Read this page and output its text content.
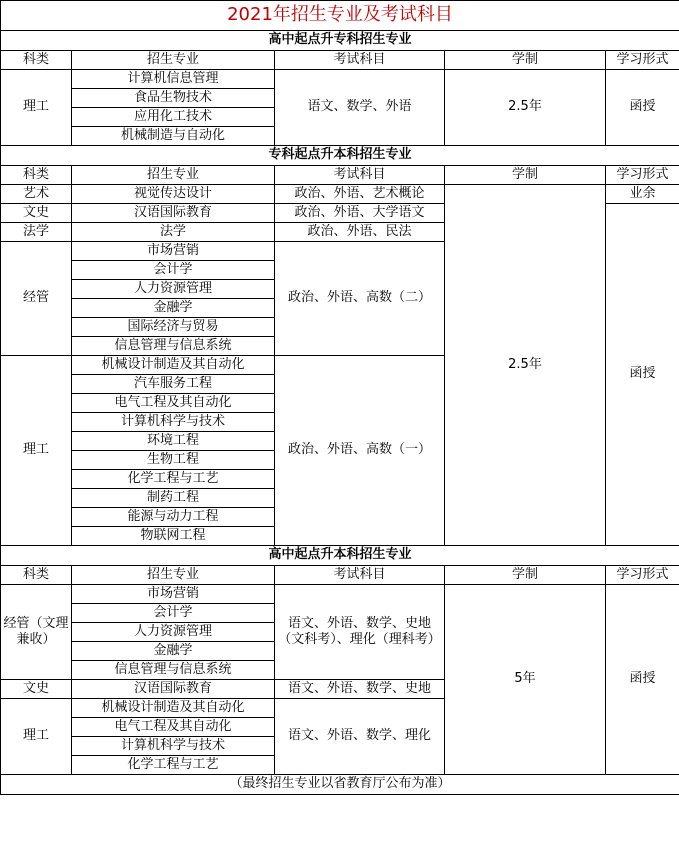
2021年招生专业及考试科目				
高中起点升专科招生专业				
科类	招生专业	考试科目	学制	学习形式
理工	计算机信息管理	语文、数学、外语	2.5年	函授
	食品生物技术			
	应用化工技术			
	机械制造与自动化			
专科起点升本科招生专业				
科类	招生专业	考试科目	学制	学习形式
艺术	视觉传达设计	政治、外语、艺术概论	2.5年	业余
文史	汉语国际教育	政治、外语、大学语文		函授
法学	法学	政治、外语、民法		
经管	市场营销	政治、外语、高数（二）		
	会计学			
	人力资源管理			
	金融学			
	国际经济与贸易			
	信息管理与信息系统			
理工	机械设计制造及其自动化	政治、外语、高数（一）		
	汽车服务工程			
	电气工程及其自动化			
	计算机科学与技术			
	环境工程			
	生物工程			
	化学工程与工艺			
	制药工程			
	能源与动力工程			
	物联网工程			
高中起点升本科招生专业				
科类	招生专业	考试科目	学制	学习形式
经管（文理兼收）	市场营销	语文、外语、数学、史地（文科考）、理化（理科考）	5年	函授
	会计学			
	人力资源管理			
	金融学			
	信息管理与信息系统			
文史	汉语国际教育	语文、外语、数学、史地		
理工	机械设计制造及其自动化	语文、外语、数学、理化		
	电气工程及其自动化			
	计算机科学与技术			
	化学工程与工艺			
（最终招生专业以省教育厅公布为准）				
